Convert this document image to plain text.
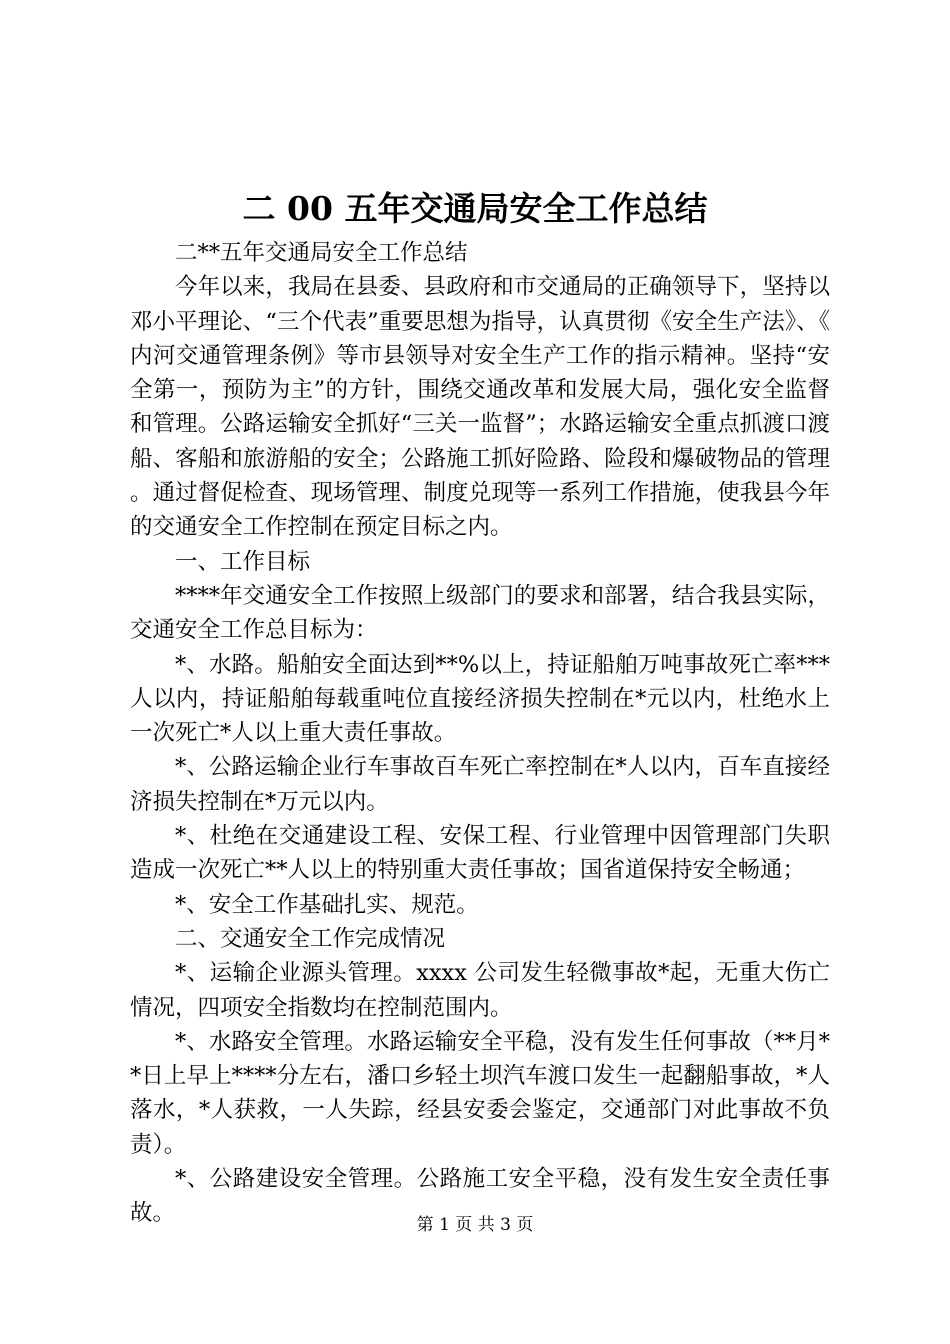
二 00 五年交通局安全工作总结

二**五年交通局安全工作总结

今年以来，我局在县委、县政府和市交通局的正确领导下，坚持以邓小平理论、“三个代表”重要思想为指导，认真贯彻《安全生产法》、《内河交通管理条例》等市县领导对安全生产工作的指示精神。坚持“安全第一，预防为主”的方针，围绕交通改革和发展大局，强化安全监督和管理。公路运输安全抓好“三关一监督”；水路运输安全重点抓渡口渡船、客船和旅游船的安全；公路施工抓好险路、险段和爆破物品的管理。通过督促检查、现场管理、制度兑现等一系列工作措施，使我县今年的交通安全工作控制在预定目标之内。

一、工作目标

****年交通安全工作按照上级部门的要求和部署，结合我县实际，交通安全工作总目标为：

*、水路。船舶安全面达到**%以上，持证船舶万吨事故死亡率***人以内，持证船舶每载重吨位直接经济损失控制在*元以内，杜绝水上一次死亡*人以上重大责任事故。

*、公路运输企业行车事故百车死亡率控制在*人以内，百车直接经济损失控制在*万元以内。

*、杜绝在交通建设工程、安保工程、行业管理中因管理部门失职造成一次死亡**人以上的特别重大责任事故；国省道保持安全畅通；

*、安全工作基础扎实、规范。

二、交通安全工作完成情况

*、运输企业源头管理。xxxx 公司发生轻微事故*起，无重大伤亡情况，四项安全指数均在控制范围内。

*、水路安全管理。水路运输安全平稳，没有发生任何事故（**月**日上早上****分左右，潘口乡轻土坝汽车渡口发生一起翻船事故，*人落水，*人获救，一人失踪，经县安委会鉴定，交通部门对此事故不负责）。

*、公路建设安全管理。公路施工安全平稳，没有发生安全责任事故。	第 1 页 共 3 页
